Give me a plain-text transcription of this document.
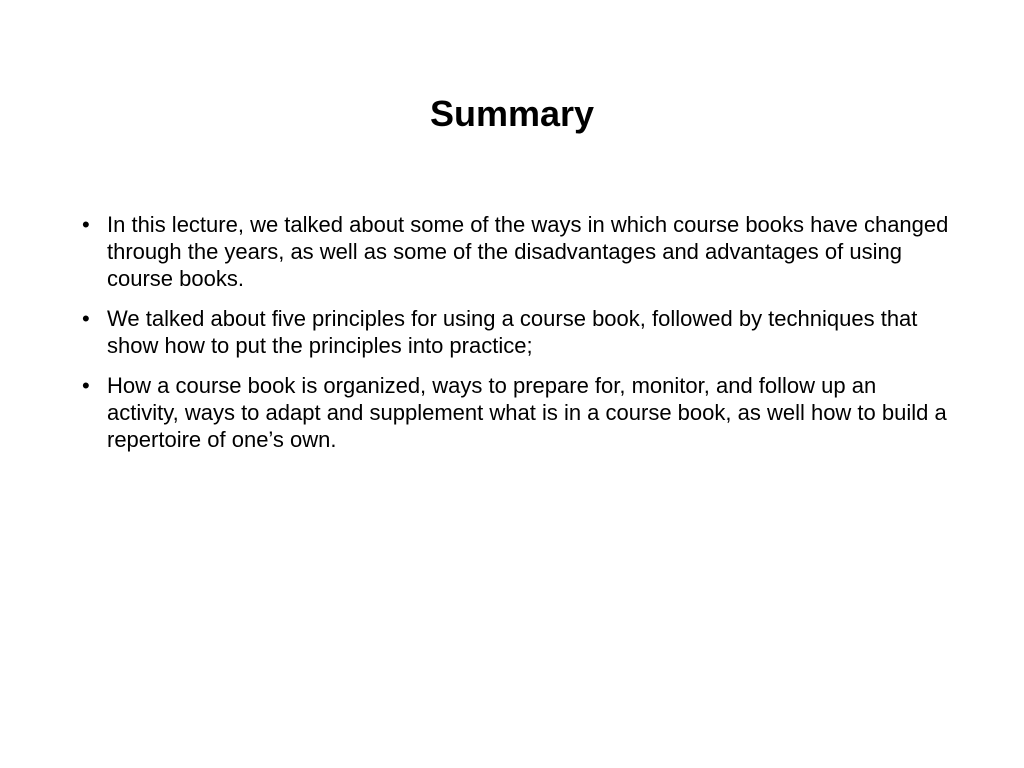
Summary
• In this lecture, we talked about some of the ways in which course books have changed through the years, as well as some of the disadvantages and advantages of using course books.
• We talked about five principles for using a course book, followed by techniques that show how to put the principles into practice;
• How a course book is organized, ways to prepare for, monitor, and follow up an activity, ways to adapt and supplement what is in a course book, as well how to build a repertoire of one’s own.
